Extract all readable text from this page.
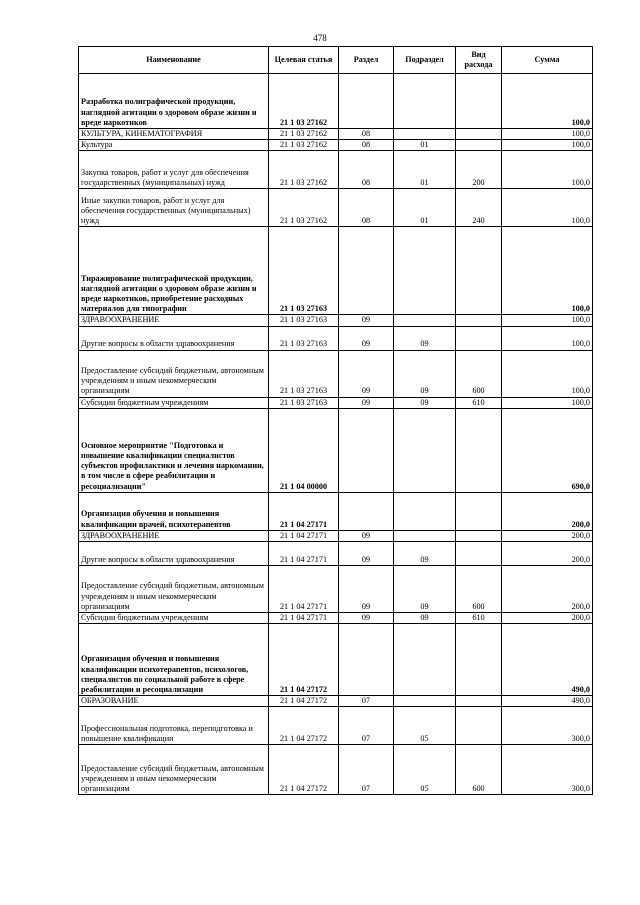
478
Наименование	Целевая статья	Раздел	Подраздел	Вид расхода	Сумма
Разработка полиграфической продукции, наглядной агитации о здоровом образе жизни и вреде наркотиков	21 1 03 27162				100,0
КУЛЬТУРА, КИНЕМАТОГРАФИЯ	21 1 03 27162	08			100,0
Культура	21 1 03 27162	08	01		100,0
Закупка товаров, работ и услуг для обеспечения государственных (муниципальных) нужд	21 1 03 27162	08	01	200	100,0
Иные закупки товаров, работ и услуг для обеспечения государственных (муниципальных) нужд	21 1 03 27162	08	01	240	100,0
Тиражирование полиграфической продукции, наглядной агитации о здоровом образе жизни и вреде наркотиков, приобретение расходных материалов для типографии	21 1 03 27163				100,0
ЗДРАВООХРАНЕНИЕ	21 1 03 27163	09			100,0
Другие вопросы в области здравоохранения	21 1 03 27163	09	09		100,0
Предоставление субсидий бюджетным, автономным учреждениям и иным некоммерческим организациям	21 1 03 27163	09	09	600	100,0
Субсидии бюджетным учреждениям	21 1 03 27163	09	09	610	100,0
Основное мероприятие "Подготовка и повышение квалификации специалистов субъектов профилактики и лечения наркомании, в том числе в сфере реабилитации и ресоциализации"	21 1 04 00000				690,0
Организация обучения и повышения квалификации врачей, психотерапевтов	21 1 04 27171				200,0
ЗДРАВООХРАНЕНИЕ	21 1 04 27171	09			200,0
Другие вопросы в области здравоохранения	21 1 04 27171	09	09		200,0
Предоставление субсидий бюджетным, автономным учреждениям и иным некоммерческим организациям	21 1 04 27171	09	09	600	200,0
Субсидии бюджетным учреждениям	21 1 04 27171	09	09	610	200,0
Организация обучения и повышения квалификации психотерапевтов, психологов, специалистов по социальной работе в сфере реабилитации и ресоциализации	21 1 04 27172				490,0
ОБРАЗОВАНИЕ	21 1 04 27172	07			490,0
Профессиональная подготовка, переподготовка и повышение квалификации	21 1 04 27172	07	05		300,0
Предоставление субсидий бюджетным, автономным учреждениям и иным некоммерческим организациям	21 1 04 27172	07	05	600	300,0
